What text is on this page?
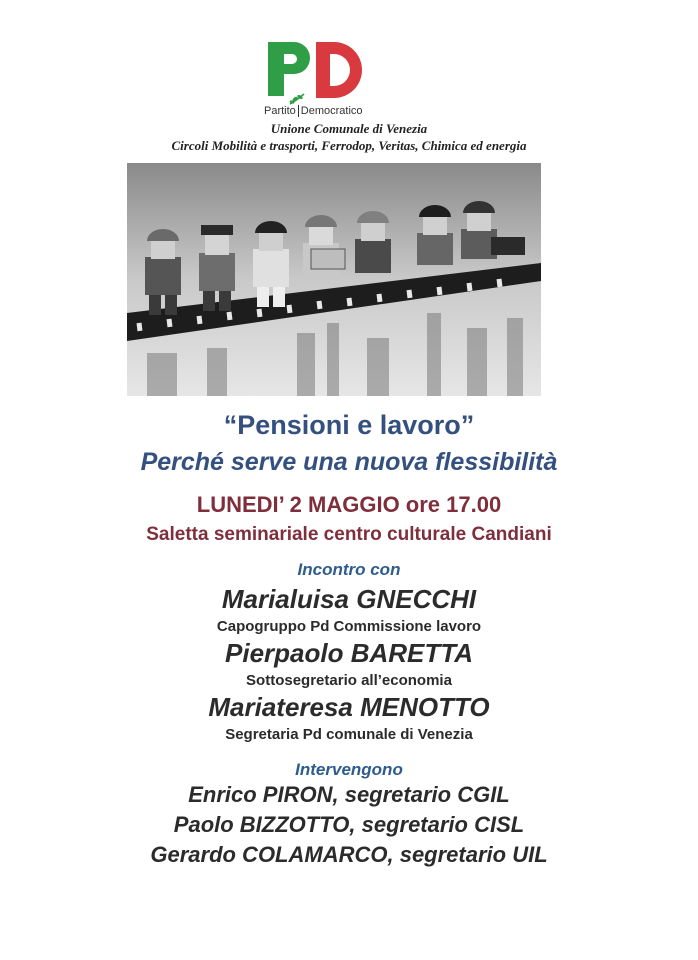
Partito Democratico
Unione Comunale di Venezia
Circoli Mobilità e trasporti, Ferrodop, Veritas, Chimica ed energia
“Pensioni e lavoro”
Perché serve una nuova flessibilità
LUNEDI’ 2 MAGGIO ore 17.00
Saletta seminariale centro culturale Candiani
Incontro con
Marialuisa GNECCHI
Capogruppo Pd Commissione lavoro
Pierpaolo BARETTA
Sottosegretario all’economia
Mariateresa MENOTTO
Segretaria Pd comunale di Venezia
Intervengono
Enrico PIRON, segretario CGIL
Paolo BIZZOTTO, segretario CISL
Gerardo COLAMARCO, segretario UIL
